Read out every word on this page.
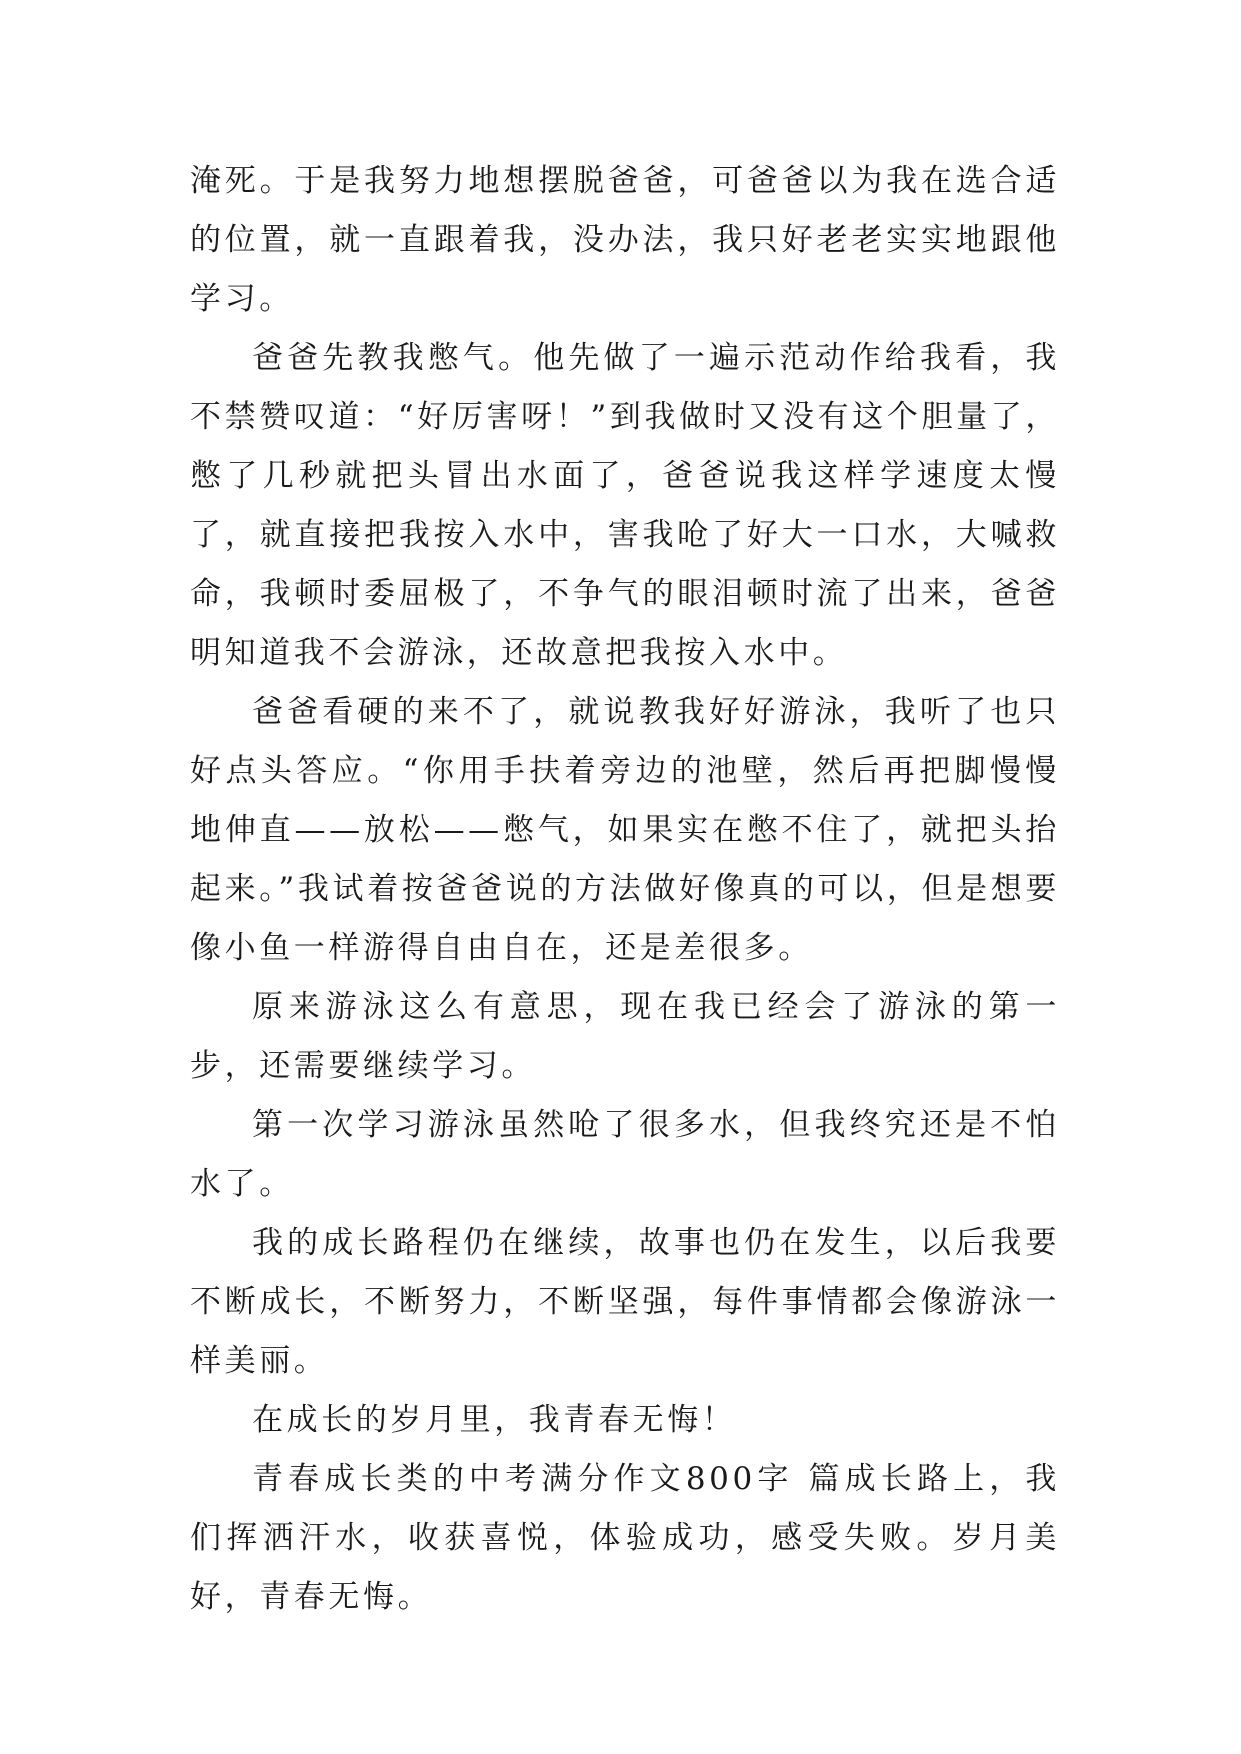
淹死。于是我努力地想摆脱爸爸，可爸爸以为我在选合适的位置，就一直跟着我，没办法，我只好老老实实地跟他学习。

爸爸先教我憋气。他先做了一遍示范动作给我看，我不禁赞叹道：“好厉害呀！”到我做时又没有这个胆量了，憋了几秒就把头冒出水面了，爸爸说我这样学速度太慢了，就直接把我按入水中，害我呛了好大一口水，大喊救命，我顿时委屈极了，不争气的眼泪顿时流了出来，爸爸明知道我不会游泳，还故意把我按入水中。

爸爸看硬的来不了，就说教我好好游泳，我听了也只好点头答应。“你用手扶着旁边的池壁，然后再把脚慢慢地伸直——放松——憋气，如果实在憋不住了，就把头抬起来。”我试着按爸爸说的方法做好像真的可以，但是想要像小鱼一样游得自由自在，还是差很多。

原来游泳这么有意思，现在我已经会了游泳的第一步，还需要继续学习。

第一次学习游泳虽然呛了很多水，但我终究还是不怕水了。

我的成长路程仍在继续，故事也仍在发生，以后我要不断成长，不断努力，不断坚强，每件事情都会像游泳一样美丽。

在成长的岁月里，我青春无悔！

青春成长类的中考满分作文800字 篇成长路上，我们挥洒汗水，收获喜悦，体验成功，感受失败。岁月美好，青春无悔。
